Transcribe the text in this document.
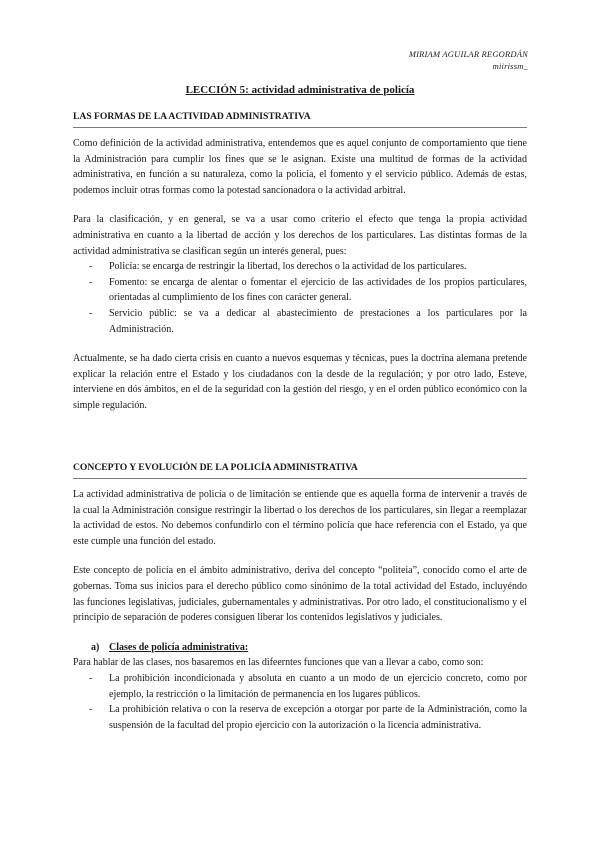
MIRIAM AGUILAR REGORDÁN
miirissm_
LECCIÓN 5: actividad administrativa de policía
LAS FORMAS DE LA ACTIVIDAD ADMINISTRATIVA

Como definición de la actividad administrativa, entendemos que es aquel conjunto de comportamiento que tiene la Administración para cumplir los fines que se le asignan. Existe una multitud de formas de la actividad administrativa, en función a su naturaleza, como la policía, el fomento y el servicio público. Además de estas, podemos incluir otras formas como la potestad sancionadora o la actividad arbitral.

Para la clasificación, y en general, se va a usar como criterio el efecto que tenga la propia actividad administrativa en cuanto a la libertad de acción y los derechos de los particulares. Las distintas formas de la actividad administrativa se clasifican según un interés general, pues:

- Policía: se encarga de restringir la libertad, los derechos o la actividad de los particulares.
- Fomento: se encarga de alentar o fomentar el ejercicio de las actividades de los propios particulares, orientadas al cumplimiento de los fines con carácter general.
- Servicio públic: se va a dedicar al abastecimiento de prestaciones a los particulares por la Administración.

Actualmente, se ha dado cierta crisis en cuanto a nuevos esquemas y técnicas, pues la doctrina alemana pretende explicar la relación entre el Estado y los ciudadanos con la desde de la regulación; y por otro lado, Esteve, interviene en dós ámbitos, en el de la seguridad con la gestión del riesgo, y en el orden público económico con la simple regulación.

CONCEPTO Y EVOLUCIÓN DE LA POLICÍA ADMINISTRATIVA

La actividad administrativa de policía o de limitación se entiende que es aquella forma de intervenir a través de la cual la Administración consigue restringir la libertad o los derechos de los particulares, sin llegar a reemplazar la actividad de estos. No debemos confundirlo con el término policía que hace referencia con el Estado, ya que este cumple una función del estado.

Este concepto de policía en el ámbito administrativo, deriva del concepto “politeia”, conocido como el arte de gobernas. Toma sus inicios para el derecho público como sinónimo de la total actividad del Estado, incluyéndo las funciones legislativas, judiciales, gubernamentales y administrativas. Por otro lado, el constitucionalismo y el principio de separación de poderes consiguen liberar los contenidos legislativos y judiciales.

a) Clases de policía administrativa:

Para hablar de las clases, nos basaremos en las difeerntes funciones que van a llevar a cabo, como son:

- La prohibición incondicionada y absoluta en cuanto a un modo de un ejercicio concreto, como por ejemplo, la restricción o la limitación de permanencia en los lugares públicos.
- La prohibición relativa o con la reserva de excepción a otorgar por parte de la Administración, como la suspensión de la facultad del propio ejercicio con la autorización o la licencia administrativa.
